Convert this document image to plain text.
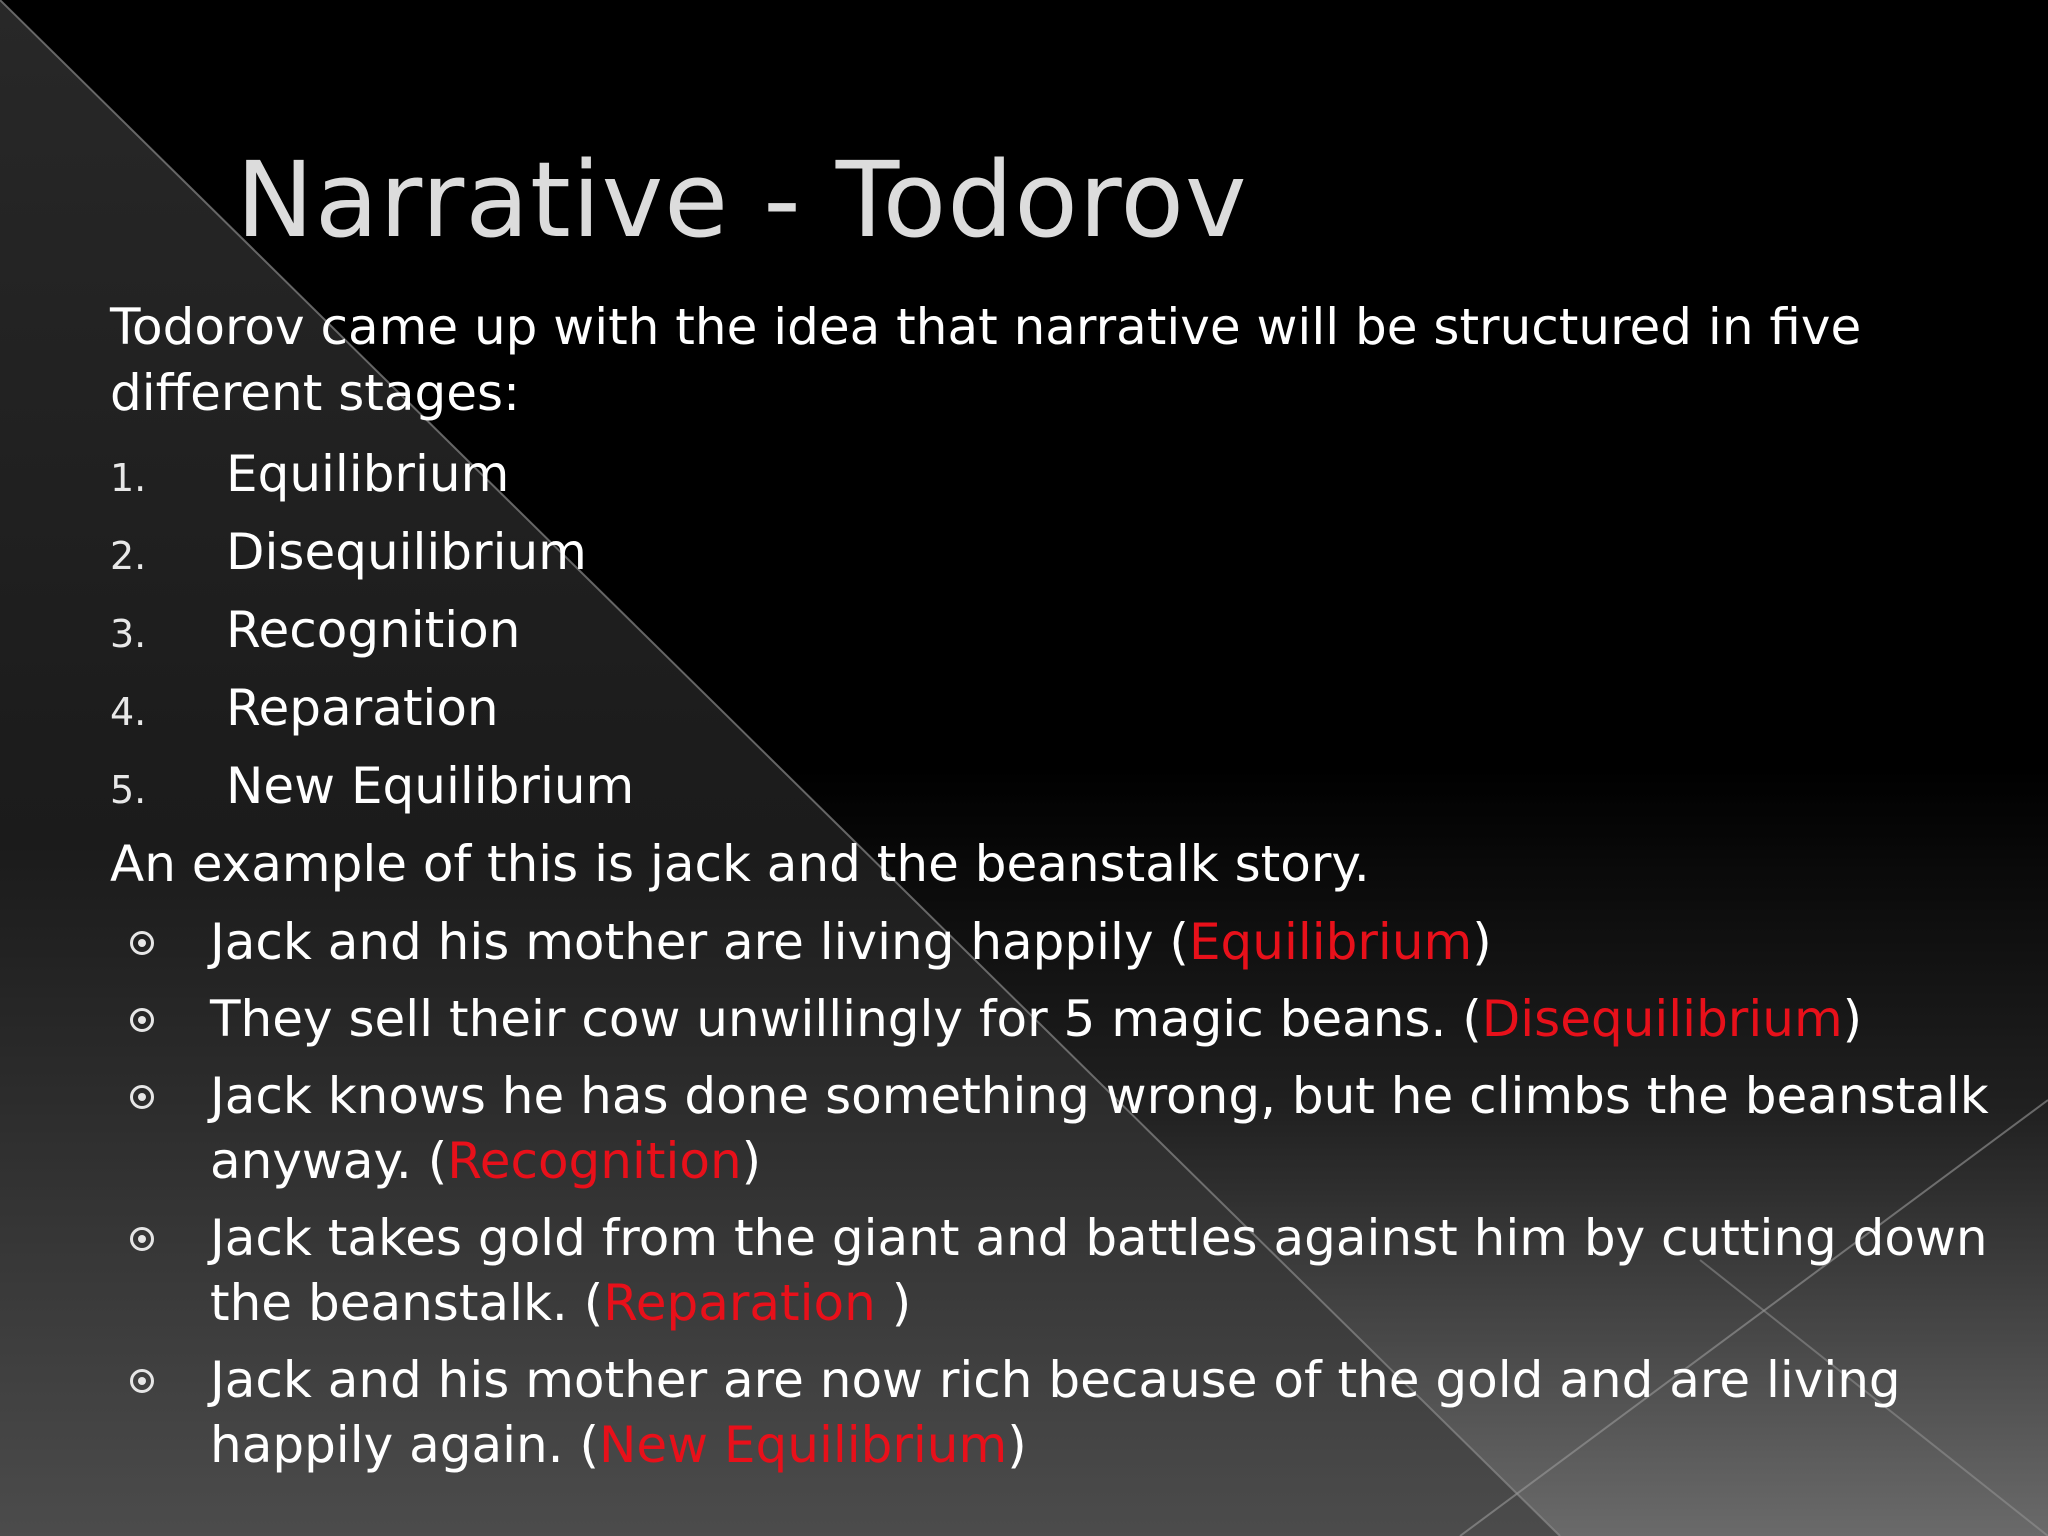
Narrative - Todorov

Todorov came up with the idea that narrative will be structured in five different stages:

1.	Equilibrium
2.	Disequilibrium
3.	Recognition
4.	Reparation
5.	New Equilibrium

An example of this is jack and the beanstalk story.

Jack and his mother are living happily (Equilibrium)
They sell their cow unwillingly for 5 magic beans. (Disequilibrium)
Jack knows he has done something wrong, but he climbs the beanstalk anyway. (Recognition)
Jack takes gold from the giant and battles against him by cutting down the beanstalk. (Reparation )
Jack and his mother are now rich because of the gold and are living happily again. (New Equilibrium)
